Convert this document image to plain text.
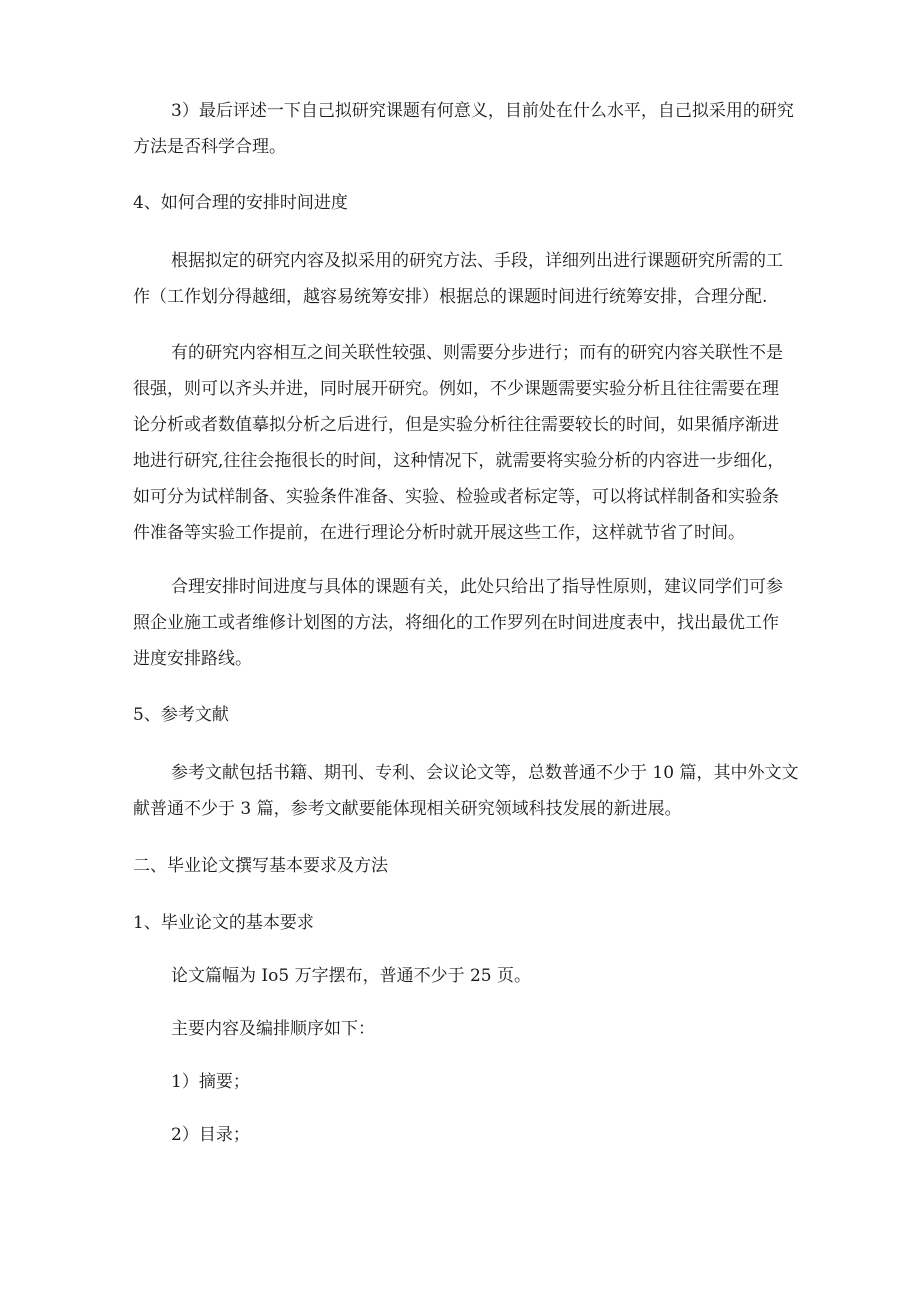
3）最后评述一下自己拟研究课题有何意义，目前处在什么水平，自己拟采用的研究
方法是否科学合理。

4、如何合理的安排时间进度

根据拟定的研究内容及拟采用的研究方法、手段，详细列出进行课题研究所需的工
作（工作划分得越细，越容易统筹安排）根据总的课题时间进行统筹安排，合理分配.

有的研究内容相互之间关联性较强、则需要分步进行；而有的研究内容关联性不是
很强，则可以齐头并进，同时展开研究。例如，不少课题需要实验分析且往往需要在理
论分析或者数值摹拟分析之后进行，但是实验分析往往需要较长的时间，如果循序渐进
地进行研究,往往会拖很长的时间，这种情况下，就需要将实验分析的内容进一步细化，
如可分为试样制备、实验条件准备、实验、检验或者标定等，可以将试样制备和实验条
件准备等实验工作提前，在进行理论分析时就开展这些工作，这样就节省了时间。

合理安排时间进度与具体的课题有关，此处只给出了指导性原则，建议同学们可参
照企业施工或者维修计划图的方法，将细化的工作罗列在时间进度表中，找出最优工作
进度安排路线。

5、参考文献

参考文献包括书籍、期刊、专利、会议论文等，总数普通不少于 10 篇，其中外文文
献普通不少于 3 篇，参考文献要能体现相关研究领域科技发展的新进展。

二、毕业论文撰写基本要求及方法

1、毕业论文的基本要求

论文篇幅为 Io5 万字摆布，普通不少于 25 页。

主要内容及编排顺序如下：

1）摘要；

2）目录；
